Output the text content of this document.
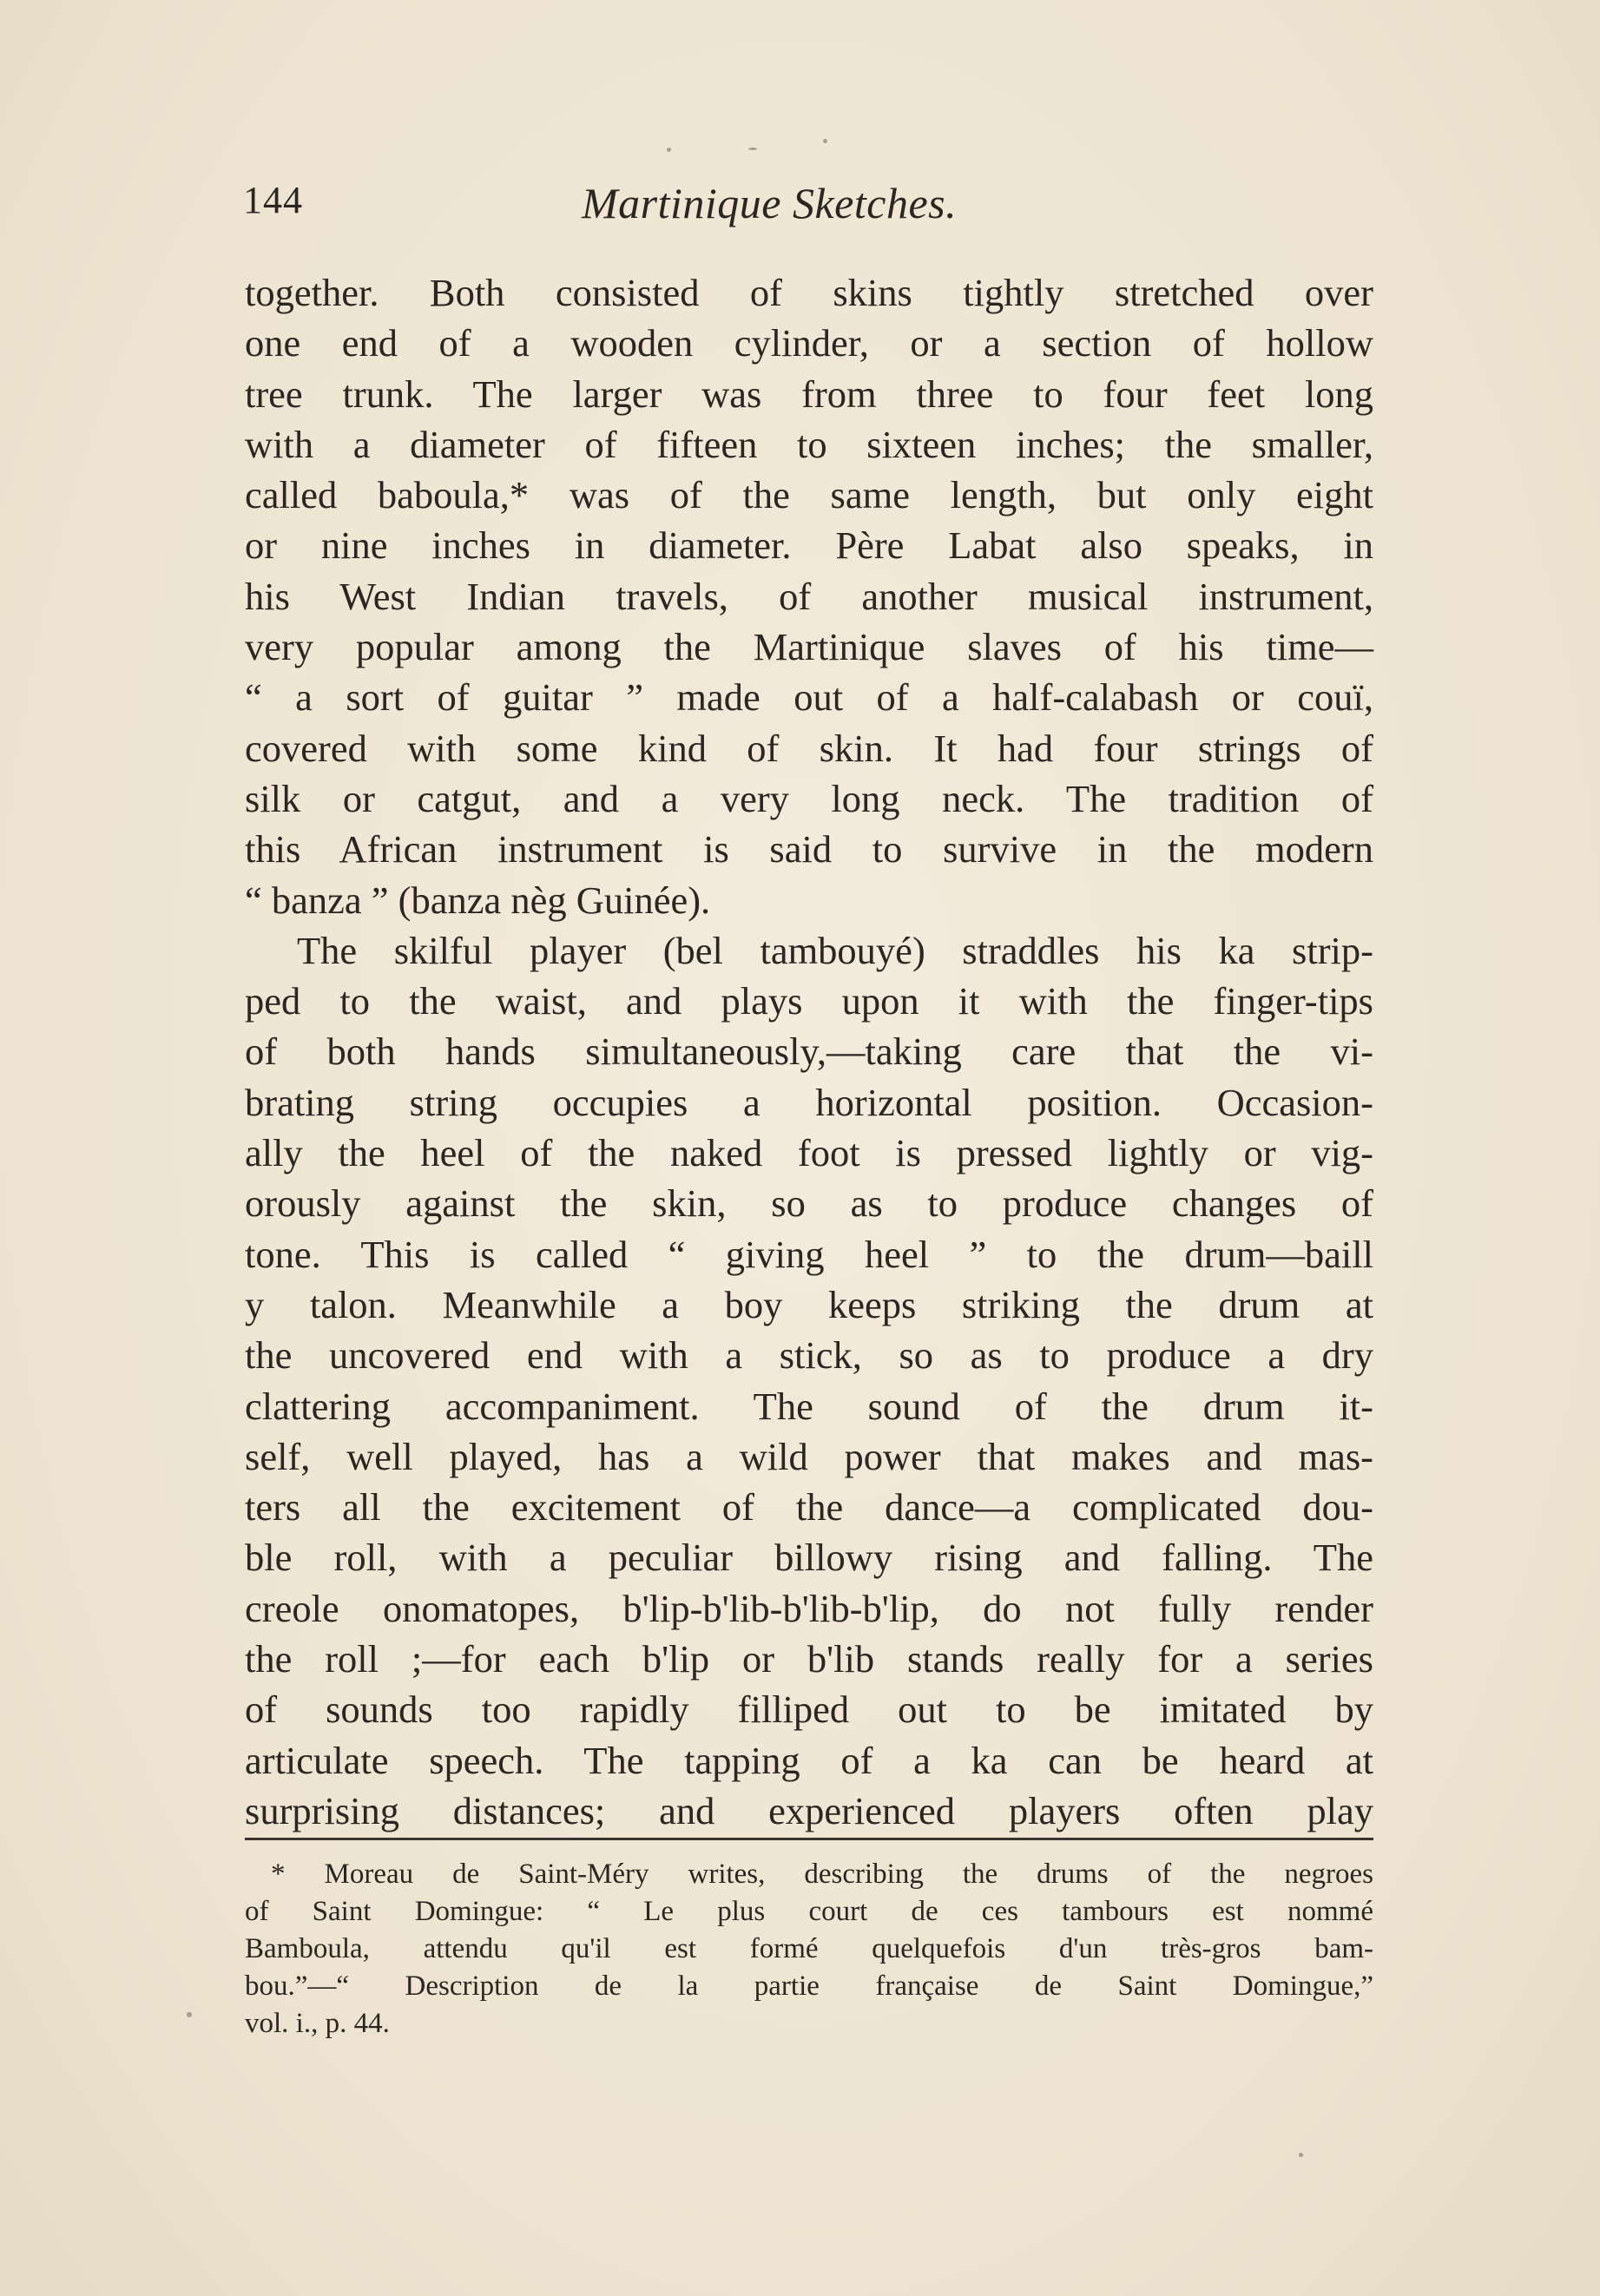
144	Martinique Sketches.
together. Both consisted of skins tightly stretched over
one end of a wooden cylinder, or a section of hollow
tree trunk. The larger was from three to four feet long
with a diameter of fifteen to sixteen inches; the smaller,
called baboula,* was of the same length, but only eight
or nine inches in diameter. Père Labat also speaks, in
his West Indian travels, of another musical instrument,
very popular among the Martinique slaves of his time—
“ a sort of guitar ” made out of a half-calabash or couï,
covered with some kind of skin. It had four strings of
silk or catgut, and a very long neck. The tradition of
this African instrument is said to survive in the modern
“ banza ” (banza nèg Guinée).
The skilful player (bel tambouyé) straddles his ka strip-
ped to the waist, and plays upon it with the finger-tips
of both hands simultaneously,—taking care that the vi-
brating string occupies a horizontal position. Occasion-
ally the heel of the naked foot is pressed lightly or vig-
orously against the skin, so as to produce changes of
tone. This is called “ giving heel ” to the drum—baill
y talon. Meanwhile a boy keeps striking the drum at
the uncovered end with a stick, so as to produce a dry
clattering accompaniment. The sound of the drum it-
self, well played, has a wild power that makes and mas-
ters all the excitement of the dance—a complicated dou-
ble roll, with a peculiar billowy rising and falling. The
creole onomatopes, b'lip-b'lib-b'lib-b'lip, do not fully render
the roll ;—for each b'lip or b'lib stands really for a series
of sounds too rapidly filliped out to be imitated by
articulate speech. The tapping of a ka can be heard at
surprising distances; and experienced players often play
* Moreau de Saint-Méry writes, describing the drums of the negroes
of Saint Domingue: “ Le plus court de ces tambours est nommé
Bamboula, attendu qu'il est formé quelquefois d'un très-gros bam-
bou.”—“ Description de la partie française de Saint Domingue,”
vol. i., p. 44.
